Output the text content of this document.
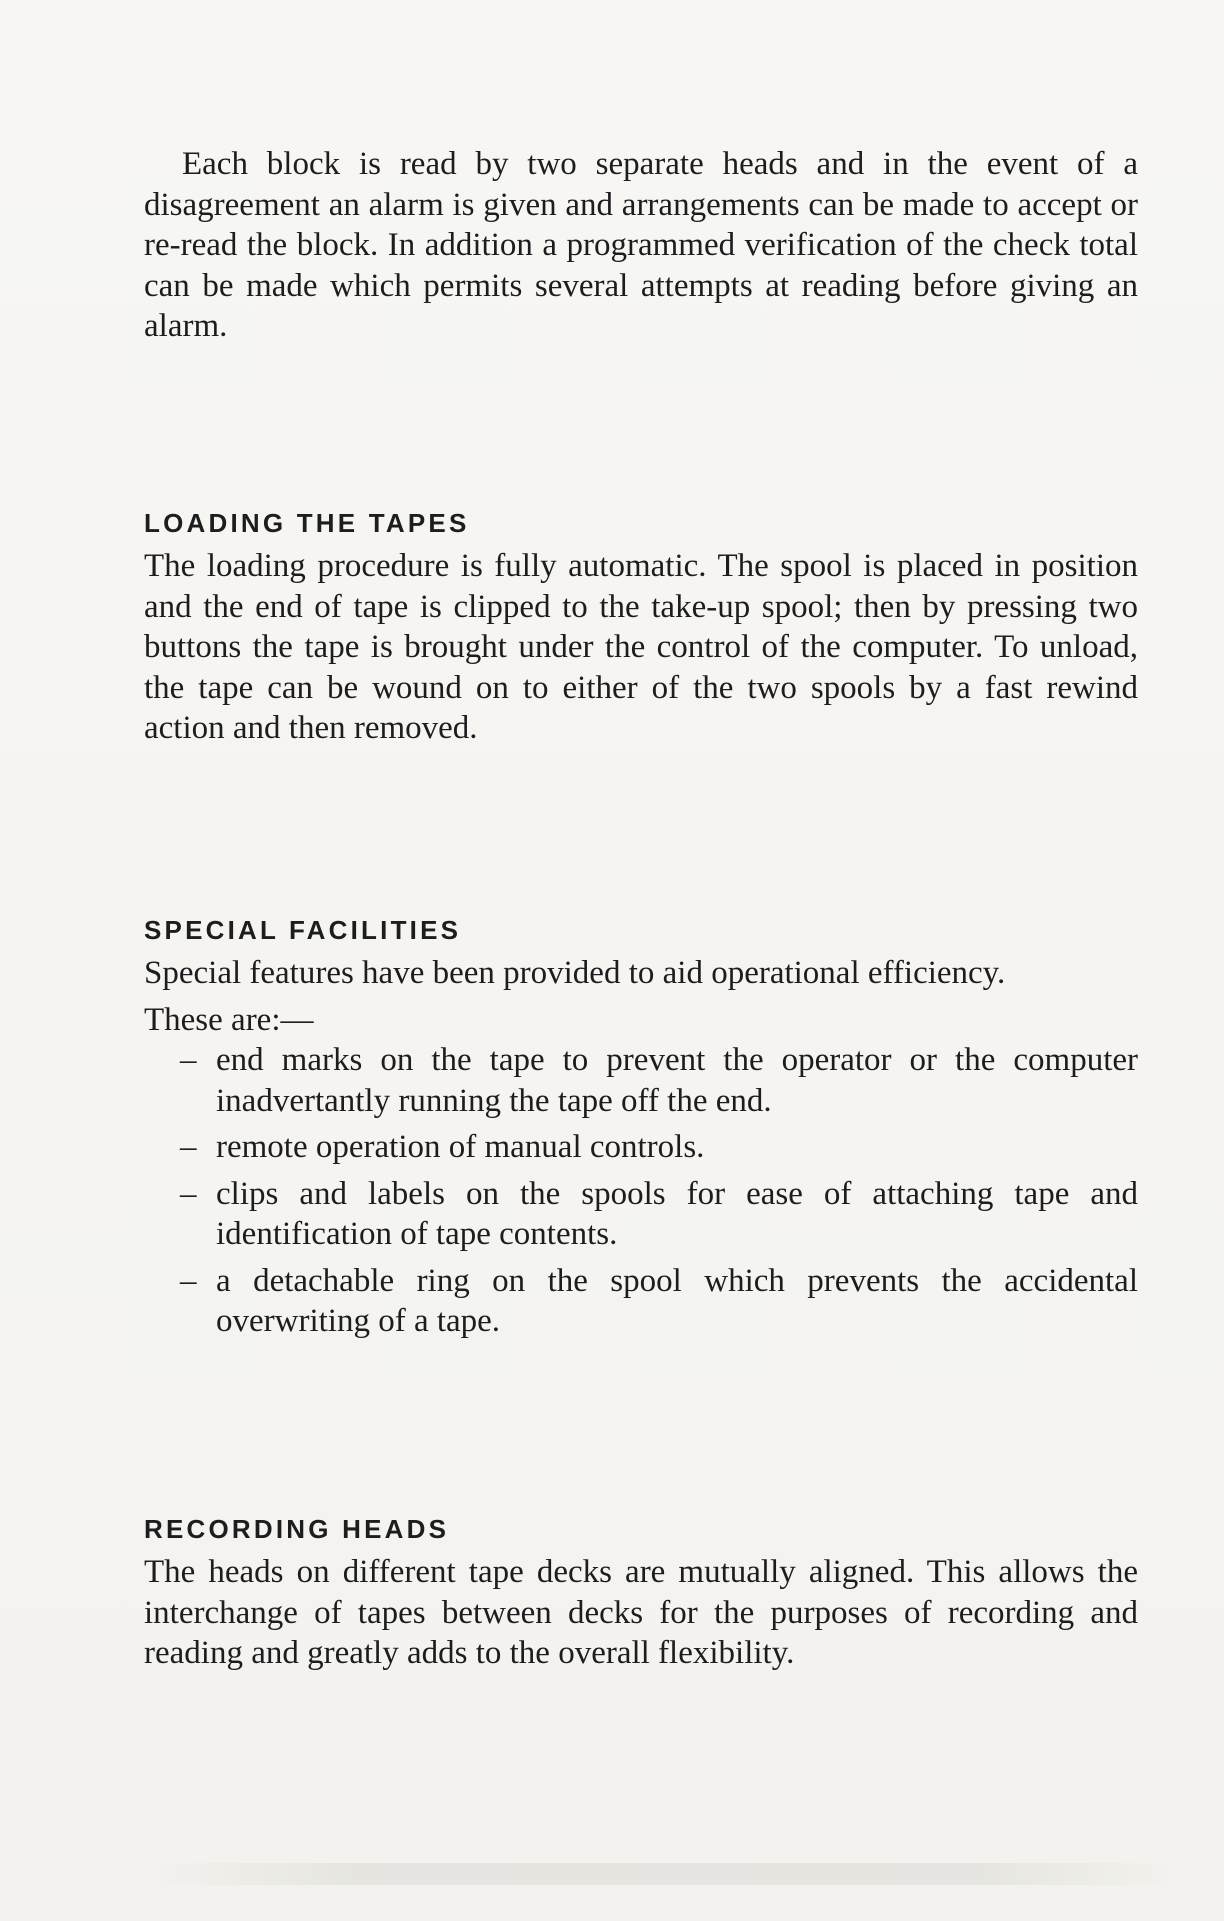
Each block is read by two separate heads and in the event of a disagreement an alarm is given and arrangements can be made to accept or re-read the block. In addition a programmed verification of the check total can be made which permits several attempts at reading before giving an alarm.

LOADING THE TAPES

The loading procedure is fully automatic. The spool is placed in position and the end of tape is clipped to the take-up spool; then by pressing two buttons the tape is brought under the control of the computer. To unload, the tape can be wound on to either of the two spools by a fast rewind action and then removed.

SPECIAL FACILITIES

Special features have been provided to aid operational efficiency.

These are:—

– end marks on the tape to prevent the operator or the computer inadvertantly running the tape off the end.
– remote operation of manual controls.
– clips and labels on the spools for ease of attaching tape and identification of tape contents.
– a detachable ring on the spool which prevents the accidental overwriting of a tape.
RECORDING HEADS

The heads on different tape decks are mutually aligned. This allows the interchange of tapes between decks for the purposes of recording and reading and greatly adds to the overall flexibility.
